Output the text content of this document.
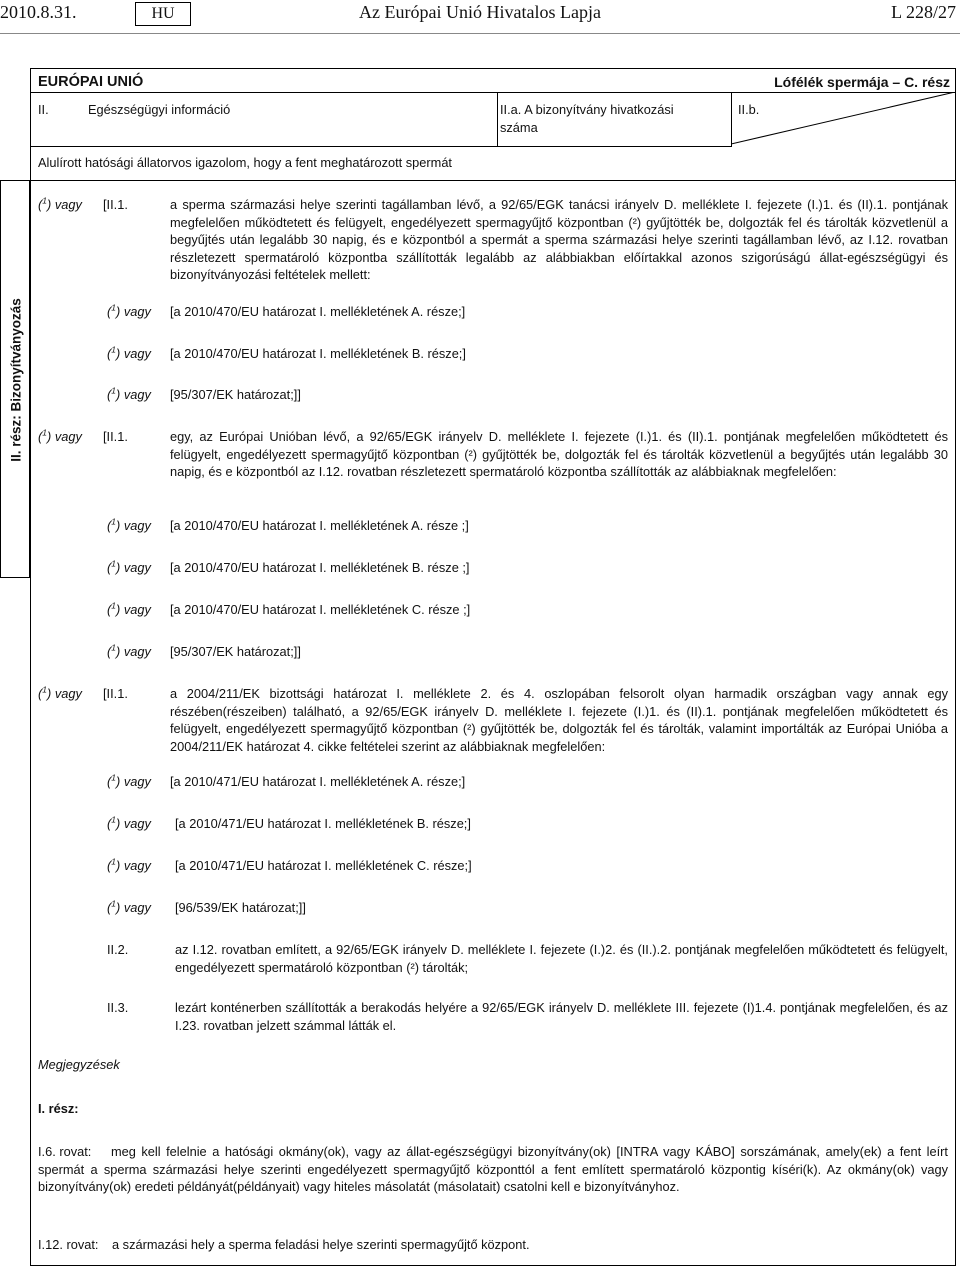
2010.8.31.	HU	Az Európai Unió Hivatalos Lapja	L 228/27
II. rész: Bizonyítványozás
EURÓPAI UNIÓ	Lófélék spermája – C. rész
II.	Egészségügyi információ	II.a. A bizonyítvány hivatkozási száma
II.b.
Alulírott hatósági állatorvos igazolom, hogy a fent meghatározott spermát
($^1$) vagy [II.1.	a sperma származási helye szerinti tagállamban lévő, a 92/65/EGK tanácsi irányelv D. melléklete I. fejezete (I.)1. és (II).1. pontjának megfelelően működtetett és felügyelt, engedélyezett spermagyűjtő központban (²) gyűjtötték be, dolgozták fel és tárolták közvetlenül a begyűjtés után legalább 30 napig, és e központból a spermát a sperma származási helye szerinti tagállamban lévő, az I.12. rovatban részletezett spermatároló központba szállították legalább az alábbiakban előírtakkal azonos szigorúságú állat-egészségügyi és bizonyítványozási feltételek mellett:
($^1$) vagy [a 2010/470/EU határozat I. mellékletének A. része;]
($^1$) vagy [a 2010/470/EU határozat I. mellékletének B. része;]
($^1$) vagy [95/307/EK határozat;]]
($^1$) vagy [II.1.	egy, az Európai Unióban lévő, a 92/65/EGK irányelv D. melléklete I. fejezete (I.)1. és (II).1. pontjának megfelelően működtetett és felügyelt, engedélyezett spermagyűjtő központban (²) gyűjtötték be, dolgozták fel és tárolták közvetlenül a begyűjtés után legalább 30 napig, és e központból az I.12. rovatban részletezett spermatároló központba szállították az alábbiaknak megfelelően:
($^1$) vagy [a 2010/470/EU határozat I. mellékletének A. része ;]
($^1$) vagy [a 2010/470/EU határozat I. mellékletének B. része ;]
($^1$) vagy [a 2010/470/EU határozat I. mellékletének C. része ;]
($^1$) vagy [95/307/EK határozat;]]
($^1$) vagy [II.1.	a 2004/211/EK bizottsági határozat I. melléklete 2. és 4. oszlopában felsorolt olyan harmadik országban vagy annak egy részében(részeiben) található, a 92/65/EGK irányelv D. melléklete I. fejezete (I.)1. és (II).1. pontjának megfelelően működtetett és felügyelt, engedélyezett spermagyűjtő központban (²) gyűjtötték be, dolgozták fel és tárolták, valamint importálták az Európai Unióba a 2004/211/EK határozat 4. cikke feltételei szerint az alábbiaknak megfelelően:
($^1$) vagy [a 2010/471/EU határozat I. mellékletének A. része;]
($^1$) vagy [a 2010/471/EU határozat I. mellékletének B. része;]
($^1$) vagy [a 2010/471/EU határozat I. mellékletének C. része;]
($^1$) vagy [96/539/EK határozat;]]
II.2.	az I.12. rovatban említett, a 92/65/EGK irányelv D. melléklete I. fejezete (I.)2. és (II.).2. pontjának megfelelően működtetett és felügyelt, engedélyezett spermatároló központban (²) tárolták;
II.3.	lezárt konténerben szállították a berakodás helyére a 92/65/EGK irányelv D. melléklete III. fejezete (I)1.4. pontjának megfelelően, és az I.23. rovatban jelzett számmal látták el.
Megjegyzések
I. rész:
I.6. rovat:	meg kell felelnie a hatósági okmány(ok), vagy az állat-egészségügyi bizonyítvány(ok) [INTRA vagy KÁBO] sorszámának, amely(ek) a fent leírt spermát a sperma származási helye szerinti engedélyezett spermagyűjtő központtól a fent említett spermatároló központig kíséri(k). Az okmány(ok) vagy bizonyítvány(ok) eredeti példányát(példányait) vagy hiteles másolatát (másolatait) csatolni kell e bizonyítványhoz.
I.12. rovat: a származási hely a sperma feladási helye szerinti spermagyűjtő központ.
